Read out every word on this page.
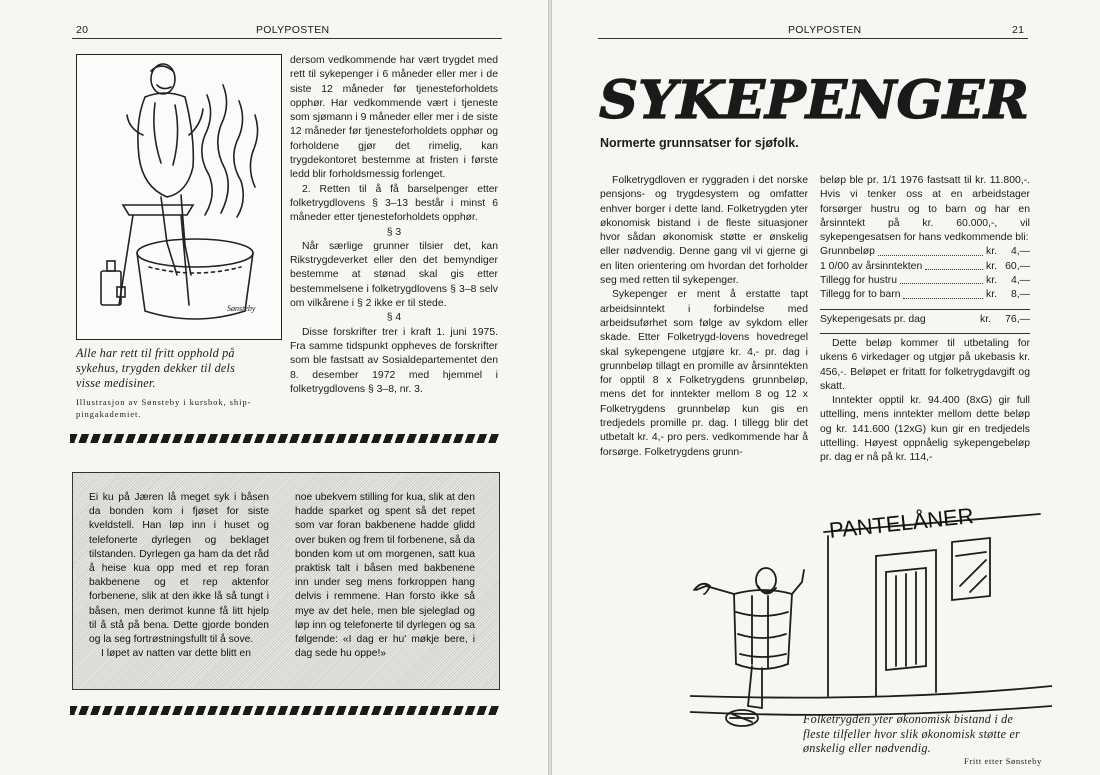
20	POLYPOSTEN
Sønsteby
Alle har rett til fritt opphold på
sykehus, trygden dekker til dels
visse medisiner.
Illustrasjon av Sønsteby i kursbok, ship-
pingakademiet.

dersom vedkommende har vært trygdet med rett til sykepenger i 6 måneder eller mer i de siste 12 måneder før tjenesteforholdets opphør. Har vedkommende vært i tjeneste som sjømann i 9 måneder eller mer i de siste 12 måneder før tjenesteforholdets opphør og forholdene gjør det rimelig, kan trygdekontoret bestemme at fristen i første ledd blir forholdsmessig forlenget.

2. Retten til å få barselpenger etter folketrygdlovens § 3–13 består i minst 6 måneder etter tjenesteforholdets opphør.

§ 3

Når særlige grunner tilsier det, kan Rikstrygdeverket eller den det bemyndiger bestemme at stønad skal gis etter bestemmelsene i folketrygdlovens § 3–8 selv om vilkårene i § 2 ikke er til stede.

§ 4

Disse forskrifter trer i kraft 1. juni 1975. Fra samme tidspunkt oppheves de forskrifter som ble fastsatt av Sosialdepartementet den 8. desember 1972 med hjemmel i folketrygdlovens § 3–8, nr. 3.

Ei ku på Jæren lå meget syk i båsen da bonden kom i fjøset for siste kveldstell. Han løp inn i huset og telefonerte dyrlegen og beklaget tilstanden. Dyrlegen ga ham da det råd å heise kua opp med et rep foran bakbenene og et rep aktenfor forbenene, slik at den ikke lå så tungt i båsen, men derimot kunne få litt hjelp til å stå på bena. Dette gjorde bonden og la seg fortrøstningsfullt til å sove.

I løpet av natten var dette blitt en

noe ubekvem stilling for kua, slik at den hadde sparket og spent så det repet som var foran bakbenene hadde glidd over buken og frem til forbenene, så da bonden kom ut om morgenen, satt kua praktisk talt i båsen med bakbenene inn under seg mens forkroppen hang delvis i remmene. Han forsto ikke så mye av det hele, men ble sjeleglad og løp inn og telefonerte til dyrlegen og sa følgende: «I dag er hu' møkje bere, i dag sede hu oppe!»

POLYPOSTEN	21
SYKEPENGER
Normerte grunnsatser for sjøfolk.

Folketrygdloven er ryggraden i det norske pensjons- og trygdesystem og omfatter enhver borger i dette land. Folketrygden yter økonomisk bistand i de fleste situasjoner hvor sådan økonomisk støtte er ønskelig eller nødvendig. Denne gang vil vi gjerne gi en liten orientering om hvordan det forholder seg med retten til sykepenger.

Sykepenger er ment å erstatte tapt arbeidsinntekt i forbindelse med arbeidsuførhet som følge av sykdom eller skade. Etter Folketrygd-lovens hovedregel skal sykepengene utgjøre kr. 4,- pr. dag i grunnbeløp tillagt en promille av årsinntekten for opptil 8 x Folketrygdens grunnbeløp, mens det for inntekter mellom 8 og 12 x Folketrygdens grunnbeløp kun gis en tredjedels promille pr. dag. I tillegg blir det utbetalt kr. 4,- pro pers. vedkommende har å forsørge. Folketrygdens grunn-

beløp ble pr. 1/1 1976 fastsatt til kr. 11.800,-. Hvis vi tenker oss at en arbeidstager forsørger hustru og to barn og har en årsinntekt på kr. 60.000,-, vil sykepengesatsen for hans vedkommende bli:

Grunnbeløp	kr. 4,—
1 0/00 av årsinntekten	kr. 60,—
Tillegg for hustru	kr. 4,—
Tillegg for to barn	kr. 8,—
Sykepengesats pr. dag	kr. 76,—

Dette beløp kommer til utbetaling for ukens 6 virkedager og utgjør på ukebasis kr. 456,-. Beløpet er fritatt for folketrygdavgift og skatt.

Inntekter opptil kr. 94.400 (8xG) gir full uttelling, mens inntekter mellom dette beløp og kr. 141.600 (12xG) kun gir en tredjedels uttelling. Høyest oppnåelig sykepengebeløp pr. dag er nå på kr. 114,-

PANTELÅNER
Folketrygden yter økonomisk bistand i de
fleste tilfeller hvor slik økonomisk støtte er
ønskelig eller nødvendig.
Fritt etter Sønsteby
